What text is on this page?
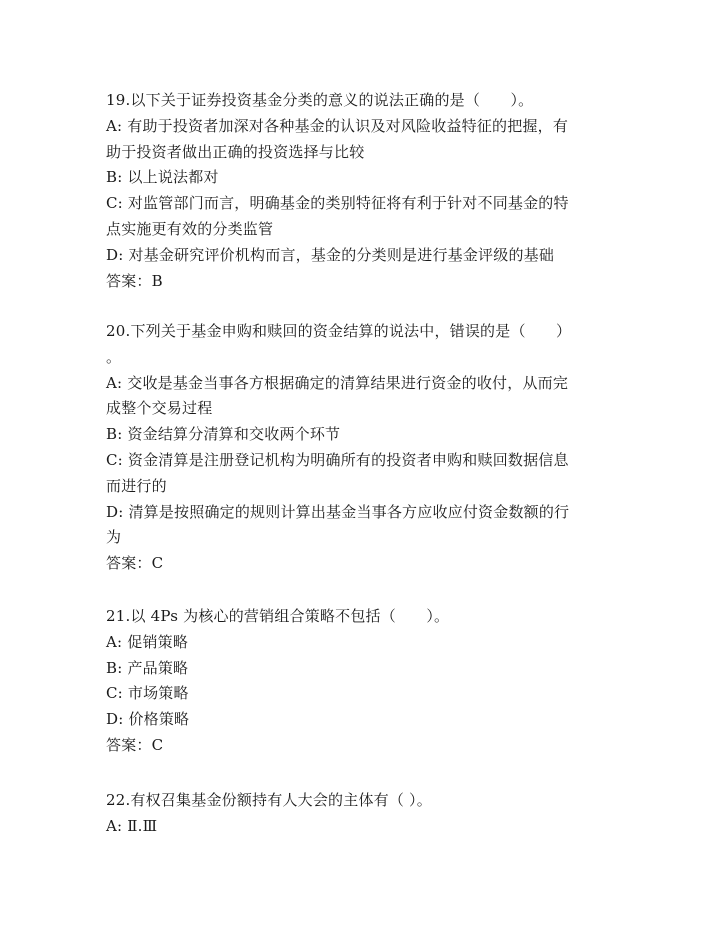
19.以下关于证券投资基金分类的意义的说法正确的是（　　）。
A: 有助于投资者加深对各种基金的认识及对风险收益特征的把握，有
助于投资者做出正确的投资选择与比较
B: 以上说法都对
C: 对监管部门而言，明确基金的类别特征将有利于针对不同基金的特
点实施更有效的分类监管
D: 对基金研究评价机构而言，基金的分类则是进行基金评级的基础
答案：B
20.下列关于基金申购和赎回的资金结算的说法中，错误的是（　　）
。
A: 交收是基金当事各方根据确定的清算结果进行资金的收付，从而完
成整个交易过程
B: 资金结算分清算和交收两个环节
C: 资金清算是注册登记机构为明确所有的投资者申购和赎回数据信息
而进行的
D: 清算是按照确定的规则计算出基金当事各方应收应付资金数额的行
为
答案：C
21.以 4Ps 为核心的营销组合策略不包括（　　）。
A: 促销策略
B: 产品策略
C: 市场策略
D: 价格策略
答案：C
22.有权召集基金份额持有人大会的主体有（ ）。
A: Ⅱ.Ⅲ
